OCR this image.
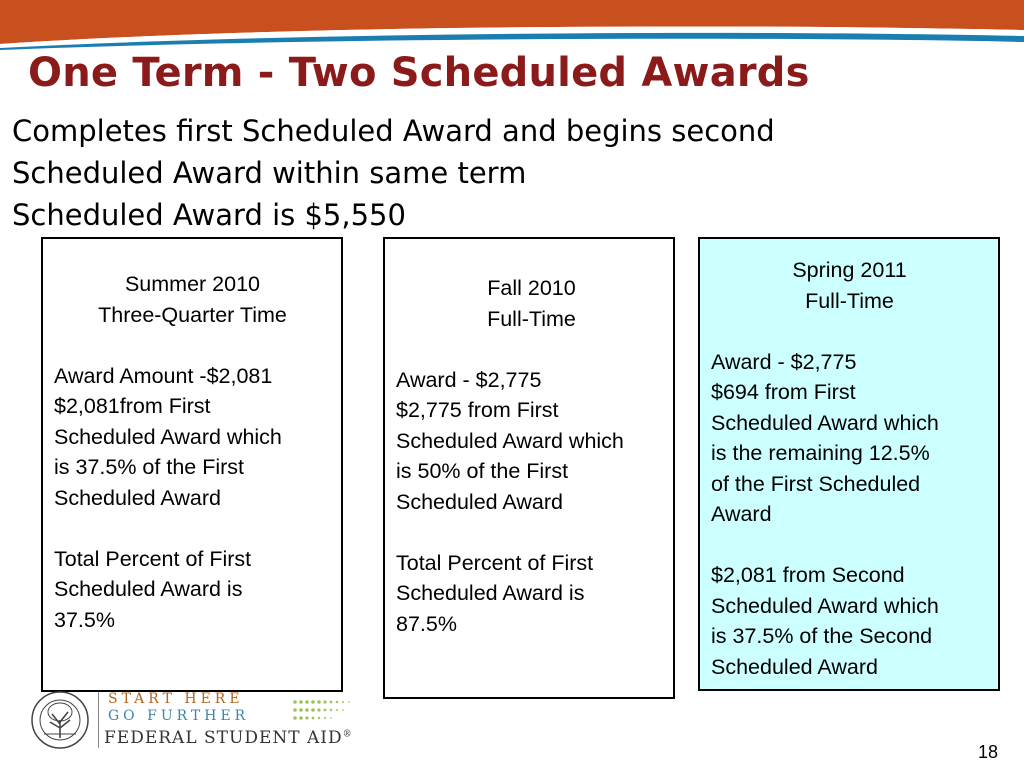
One Term - Two Scheduled Awards
Completes first Scheduled Award and begins second
Scheduled Award within same term
Scheduled Award is $5,550
Summer 2010
Three-Quarter Time
Award Amount -$2,081
$2,081from First
Scheduled Award which
is 37.5% of the First
Scheduled Award
Total Percent of First
Scheduled Award is
37.5%
Fall 2010
Full-Time
Award - $2,775
$2,775 from First
Scheduled Award which
is 50% of the First
Scheduled Award
Total Percent of First
Scheduled Award is
87.5%
Spring 2011
Full-Time
Award - $2,775
$694 from First
Scheduled Award which
is the remaining 12.5%
of the First Scheduled
Award
$2,081 from Second
Scheduled Award which
is 37.5% of the Second
Scheduled Award
START HERE
GO FURTHER
FEDERAL STUDENT AID®
18
